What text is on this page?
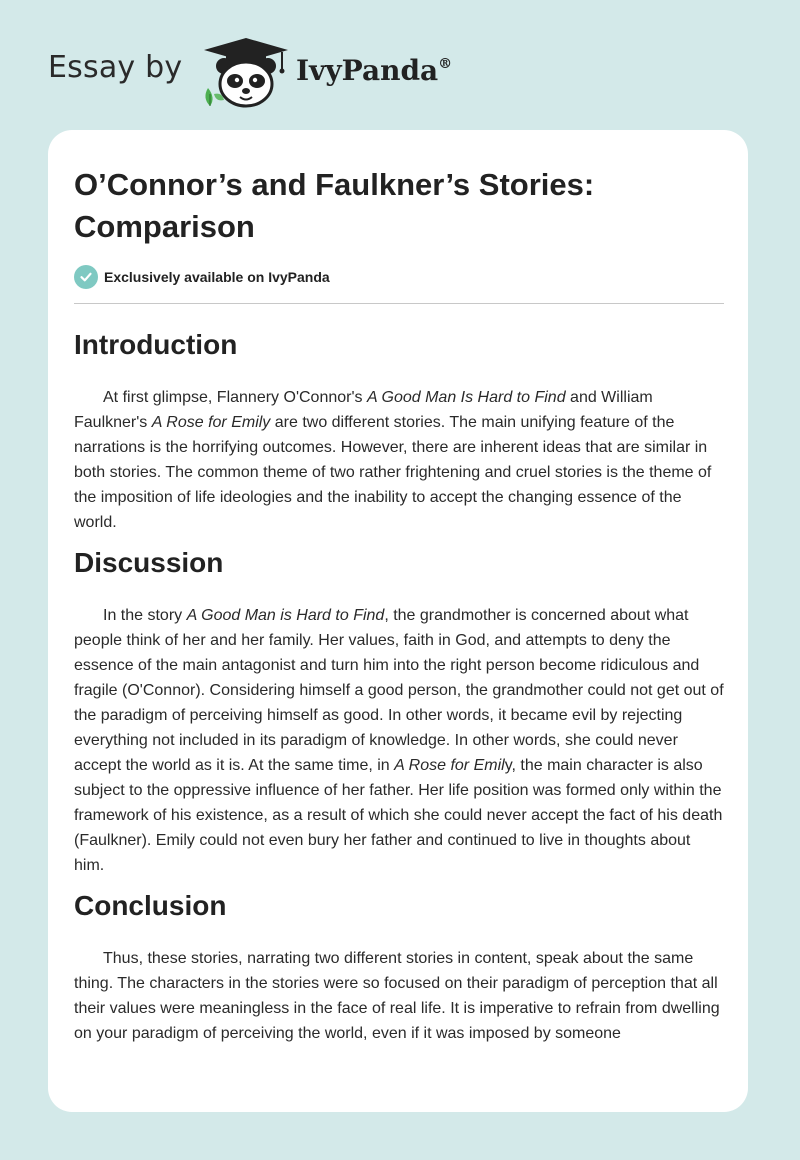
Essay by	IvyPanda®
O’Connor’s and Faulkner’s Stories: Comparison
Exclusively available on IvyPanda
Introduction

At first glimpse, Flannery O'Connor's A Good Man Is Hard to Find and William Faulkner's A Rose for Emily are two different stories. The main unifying feature of the narrations is the horrifying outcomes. However, there are inherent ideas that are similar in both stories. The common theme of two rather frightening and cruel stories is the theme of the imposition of life ideologies and the inability to accept the changing essence of the world.

Discussion

In the story A Good Man is Hard to Find, the grandmother is concerned about what people think of her and her family. Her values, faith in God, and attempts to deny the essence of the main antagonist and turn him into the right person become ridiculous and fragile (O'Connor). Considering himself a good person, the grandmother could not get out of the paradigm of perceiving himself as good. In other words, it became evil by rejecting everything not included in its paradigm of knowledge. In other words, she could never accept the world as it is. At the same time, in A Rose for Emily, the main character is also subject to the oppressive influence of her father. Her life position was formed only within the framework of his existence, as a result of which she could never accept the fact of his death (Faulkner). Emily could not even bury her father and continued to live in thoughts about him.

Conclusion

Thus, these stories, narrating two different stories in content, speak about the same thing. The characters in the stories were so focused on their paradigm of perception that all their values were meaningless in the face of real life. It is imperative to refrain from dwelling on your paradigm of perceiving the world, even if it was imposed by someone
